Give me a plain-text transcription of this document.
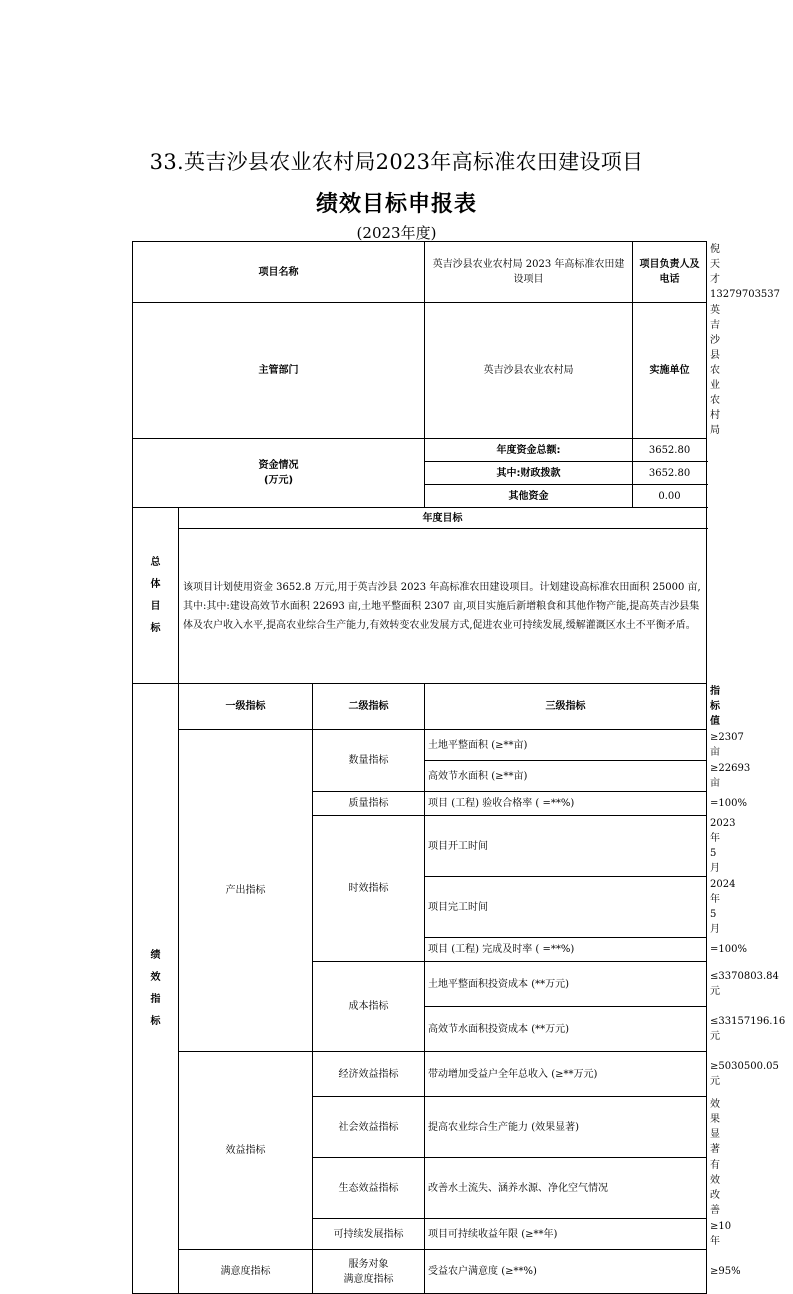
33.英吉沙县农业农村局2023年高标准农田建设项目
绩效目标申报表
(2023年度)
项目名称			英吉沙县农业农村局 2023 年高标准农田建设项目	项目负责人及电话	倪天才
13279703537

主管部门			英吉沙县农业农村局	实施单位	英吉沙县农业
农村局

资金情况
(万元)			年度资金总额:	3652.80	
			其中:财政拨款	3652.80	
			其他资金	0.00	

总
体
目
标	年度目标				
	该项目计划使用资金 3652.8 万元,用于英吉沙县 2023 年高标准农田建设项目。计划建设高标准农田面积 25000 亩,其中:其中:建设高效节水面积 22693 亩,土地平整面积 2307 亩,项目实施后新增粮食和其他作物产能,提高英吉沙县集体及农户收入水平,提高农业综合生产能力,有效转变农业发展方式,促进农业可持续发展,缓解灌溉区水土不平衡矛盾。				

绩
效
指
标	一级指标	二级指标	三级指标		指标值
	产出指标	数量指标	土地平整面积 (≥**亩)		≥2307 亩
			高效节水面积 (≥**亩)		≥22693 亩
		质量指标	项目 (工程) 验收合格率 ( =**%)		=100%
		时效指标	项目开工时间		2023 年 5 月
			项目完工时间		2024 年 5 月
			项目 (工程) 完成及时率 ( =**%)		=100%
		成本指标	土地平整面积投资成本 (**万元)		≤3370803.84
元

			高效节水面积投资成本 (**万元)		≤33157196.16
元

	效益指标	经济效益指标	带动增加受益户全年总收入 (≥**万元)		≥5030500.05
元

		社会效益指标	提高农业综合生产能力 (效果显著)		效果显著
		生态效益指标	改善水土流失、涵养水源、净化空气情况		有效改善
		可持续发展指标	项目可持续收益年限 (≥**年)		≥10 年
	满意度指标	服务对象
满意度指标	受益农户满意度 (≥**%)		≥95%
